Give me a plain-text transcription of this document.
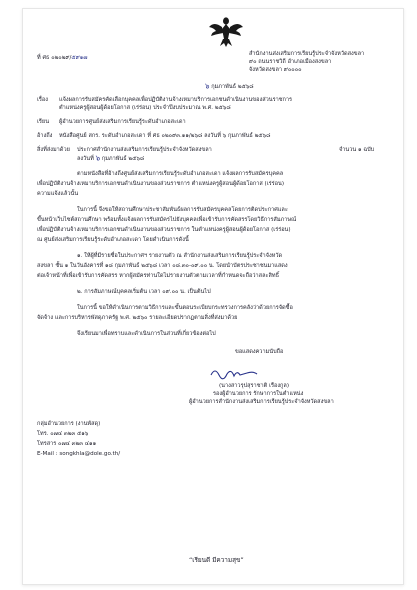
ที่ ศธ ๐๒๐๒๙/๕๙๑๗
สำนักงานส่งเสริมการเรียนรู้ประจำจังหวัดสงขลา
๙๐ ถนนราชวิถี อำเภอเมืองสงขลา
จังหวัดสงขลา ๙๐๐๐๐
๖ กุมภาพันธ์ ๒๕๖๘
เรื่อง แจ้งผลการรับสมัครคัดเลือกบุคคลเพื่อปฏิบัติงานจ้างเหมาบริการเอกชนดำเนินงานของส่วนราชการ
ตำแหน่งครูผู้สอนผู้ด้อยโอกาส (เร่ร่อน) ประจำปีงบประมาณ พ.ศ. ๒๕๖๘
เรียน ผู้อำนวยการศูนย์ส่งเสริมการเรียนรู้ระดับอำเภอสะเดา
อ้างถึง หนังสือศูนย์ สกร. ระดับอำเภอสะเดา ที่ ศธ ๐๒๐๙๓.๑๑/๒๖๘ ลงวันที่ ๖ กุมภาพันธ์ ๒๕๖๘
สิ่งที่ส่งมาด้วย ประกาศสำนักงานส่งเสริมการเรียนรู้ประจำจังหวัดสงขลา	จำนวน ๑ ฉบับ
ลงวันที่ ๖ กุมภาพันธ์ ๒๕๖๘
ตามหนังสือที่อ้างถึงศูนย์ส่งเสริมการเรียนรู้ระดับอำเภอสะเดา แจ้งผลการรับสมัครบุคคล
เพื่อปฏิบัติงานจ้างเหมาบริการเอกชนดำเนินงานของส่วนราชการ ตำแหน่งครูผู้สอนผู้ด้อยโอกาส (เร่ร่อน)
ความแจ้งแล้วนั้น
ในการนี้ จึงขอให้สถานศึกษาประชาสัมพันธ์ผลการรับสมัครบุคคลโดยการติดประกาศและ
ขึ้นหน้าเว็บไซต์สถานศึกษา พร้อมทั้งแจ้งผลการรับสมัครไปยังบุคคลเพื่อเข้ารับการคัดสรรโดยวิธีการสัมภาษณ์
เพื่อปฏิบัติงานจ้างเหมาบริการเอกชนดำเนินงานของส่วนราชการ ในตำแหน่งครูผู้สอนผู้ด้อยโอกาส (เร่ร่อน)
ณ ศูนย์ส่งเสริมการเรียนรู้ระดับอำเภอสะเดา โดยดำเนินการดังนี้
๑. ให้ผู้ที่มีรายชื่อในประกาศฯ รายงานตัว ณ สำนักงานส่งเสริมการเรียนรู้ประจำจังหวัด
สงขลา ชั้น ๑ ในวันอังคารที่ ๑๘ กุมภาพันธ์ ๒๕๖๘ เวลา ๐๘.๓๐-๐๙.๐๐ น. โดยนำบัตรประชาชนมาแสดง
ต่อเจ้าหน้าที่เพื่อเข้ารับการคัดสรร หากผู้สมัครท่านใดไม่รายงานตัวตามเวลาที่กำหนดจะถือว่าสละสิทธิ์
๒. การสัมภาษณ์บุคคลเริ่มต้น เวลา ๐๙.๐๐ น. เป็นต้นไป
ในการนี้ ขอให้ดำเนินการตามวิธีการและขั้นตอนระเบียบกระทรวงการคลังว่าด้วยการจัดซื้อ
จัดจ้าง และการบริหารพัสดุภาครัฐ พ.ศ. ๒๕๖๐ รายละเอียดปรากฏตามสิ่งที่ส่งมาด้วย
จึงเรียนมาเพื่อทราบและดำเนินการในส่วนที่เกี่ยวข้องต่อไป
ขอแสดงความนับถือ
(นางสาวรุปสุราชาติ เรืองกูล)
รองผู้อำนวยการ รักษาการในตำแหน่ง
ผู้อำนวยการสำนักงานส่งเสริมการเรียนรู้ประจำจังหวัดสงขลา
กลุ่มอำนวยการ (งานพัสดุ)
โทร. ๐๗๔ ๓๒๓ ๕๑๖
โทรสาร ๐๗๔ ๓๒๓ ๔๑๑
E-Mail : songkhla@dole.go.th/
“เรียนดี มีความสุข”
